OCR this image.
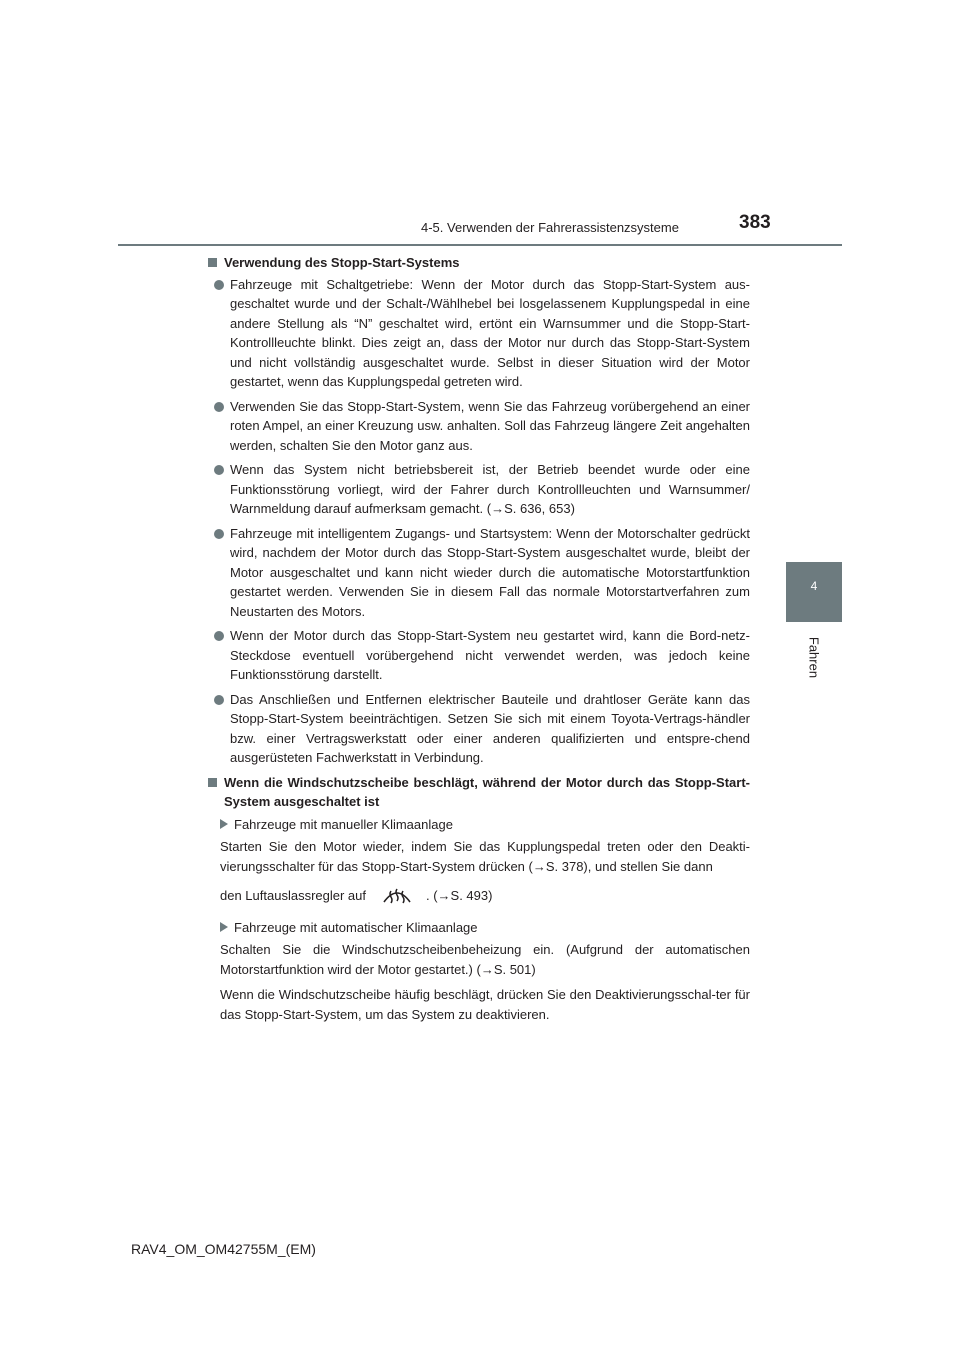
4-5. Verwenden der Fahrerassistenzsysteme	383
4
Fahren
Verwendung des Stopp-Start-Systems
Fahrzeuge mit Schaltgetriebe: Wenn der Motor durch das Stopp-Start-System aus-geschaltet wurde und der Schalt-/Wählhebel bei losgelassenem Kupplungspedal in eine andere Stellung als “N” geschaltet wird, ertönt ein Warnsummer und die Stopp-Start-Kontrollleuchte blinkt. Dies zeigt an, dass der Motor nur durch das Stopp-Start-System und nicht vollständig ausgeschaltet wurde. Selbst in dieser Situation wird der Motor gestartet, wenn das Kupplungspedal getreten wird.
Verwenden Sie das Stopp-Start-System, wenn Sie das Fahrzeug vorübergehend an einer roten Ampel, an einer Kreuzung usw. anhalten. Soll das Fahrzeug längere Zeit angehalten werden, schalten Sie den Motor ganz aus.
Wenn das System nicht betriebsbereit ist, der Betrieb beendet wurde oder eine Funktionsstörung vorliegt, wird der Fahrer durch Kontrollleuchten und Warnsummer/ Warnmeldung darauf aufmerksam gemacht. (→S. 636, 653)
Fahrzeuge mit intelligentem Zugangs- und Startsystem: Wenn der Motorschalter gedrückt wird, nachdem der Motor durch das Stopp-Start-System ausgeschaltet wurde, bleibt der Motor ausgeschaltet und kann nicht wieder durch die automatische Motorstartfunktion gestartet werden. Verwenden Sie in diesem Fall das normale Motorstartverfahren zum Neustarten des Motors.
Wenn der Motor durch das Stopp-Start-System neu gestartet wird, kann die Bord-netz-Steckdose eventuell vorübergehend nicht verwendet werden, was jedoch keine Funktionsstörung darstellt.
Das Anschließen und Entfernen elektrischer Bauteile und drahtloser Geräte kann das Stopp-Start-System beeinträchtigen. Setzen Sie sich mit einem Toyota-Vertrags-händler bzw. einer Vertragswerkstatt oder einer anderen qualifizierten und entspre-chend ausgerüsteten Fachwerkstatt in Verbindung.
Wenn die Windschutzscheibe beschlägt, während der Motor durch das Stopp-Start-System ausgeschaltet ist
Fahrzeuge mit manueller Klimaanlage
Starten Sie den Motor wieder, indem Sie das Kupplungspedal treten oder den Deakti-vierungsschalter für das Stopp-Start-System drücken (→S. 378), und stellen Sie dann
den Luftauslassregler auf	. (→S. 493)
Fahrzeuge mit automatischer Klimaanlage
Schalten Sie die Windschutzscheibenbeheizung ein. (Aufgrund der automatischen Motorstartfunktion wird der Motor gestartet.) (→S. 501)
Wenn die Windschutzscheibe häufig beschlägt, drücken Sie den Deaktivierungsschal-ter für das Stopp-Start-System, um das System zu deaktivieren.
RAV4_OM_OM42755M_(EM)
